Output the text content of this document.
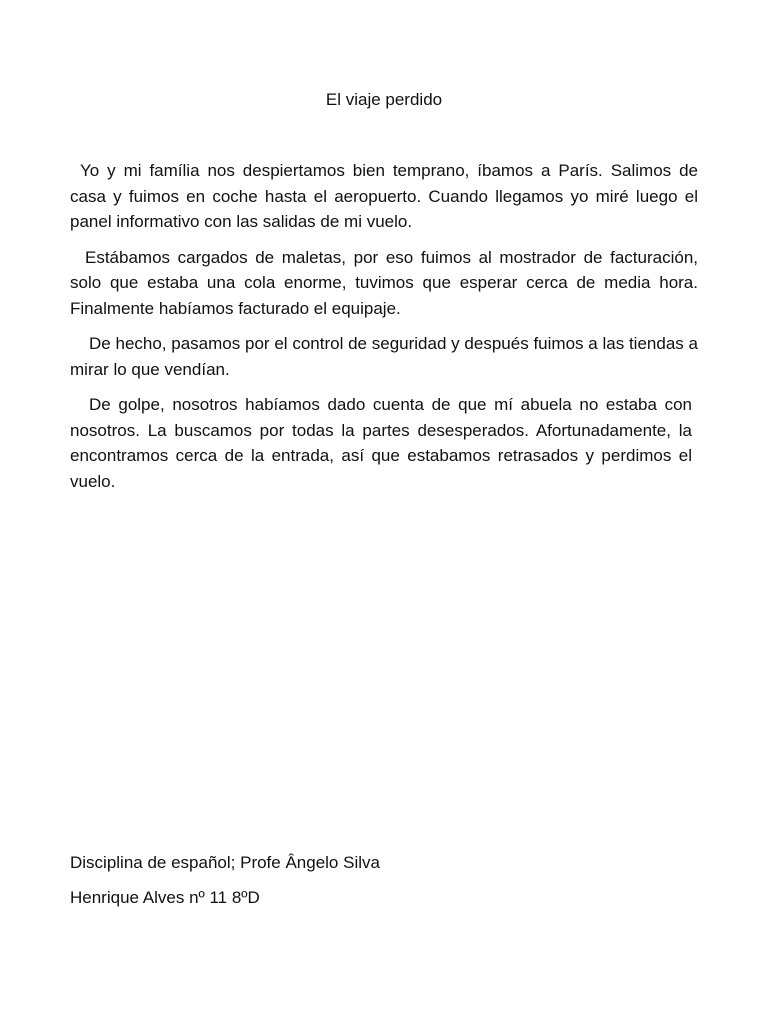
El viaje perdido

Yo y mi família nos despiertamos bien temprano, íbamos a París. Salimos de casa y fuimos en coche hasta el aeropuerto. Cuando llegamos yo miré luego el panel informativo con las salidas de mi vuelo.

Estábamos cargados de maletas, por eso fuimos al mostrador de facturación, solo que estaba una cola enorme, tuvimos que esperar cerca de media hora. Finalmente habíamos facturado el equipaje.

De hecho, pasamos por el control de seguridad y después fuimos a las tiendas a mirar lo que vendían.

De golpe, nosotros habíamos dado cuenta de que mí abuela no estaba con nosotros. La buscamos por todas la partes desesperados. Afortunadamente, la encontramos cerca de la entrada, así que estabamos retrasados y perdimos el vuelo.

Disciplina de español; Profe Ângelo Silva
Henrique Alves nº 11 8ºD
